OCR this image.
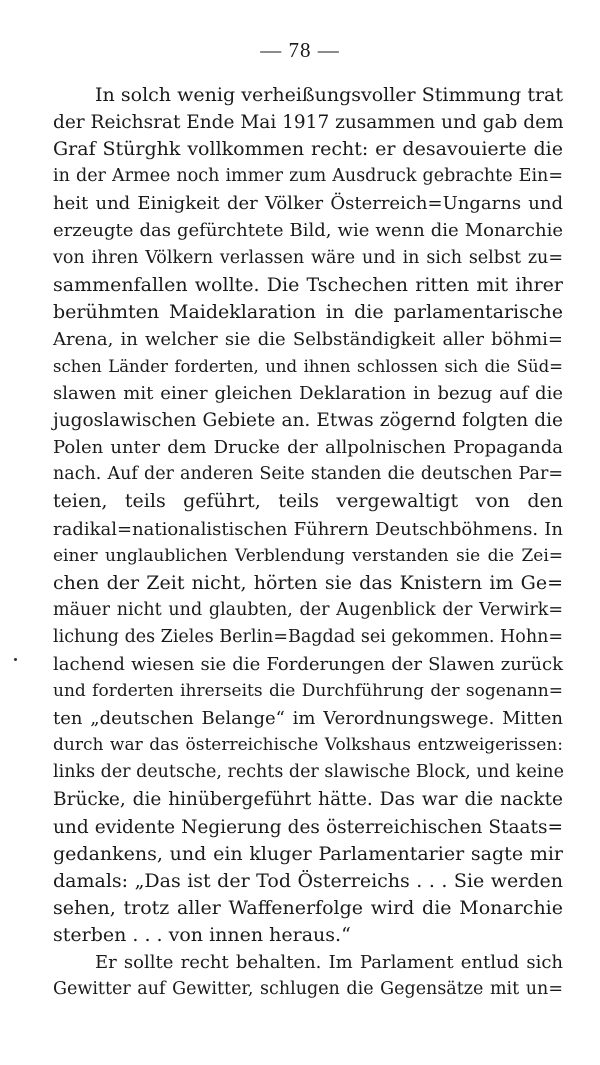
— 78 —
In solch wenig verheißungsvoller Stimmung trat
der Reichsrat Ende Mai 1917 zusammen und gab dem
Graf Stürghk vollkommen recht: er desavouierte die
in der Armee noch immer zum Ausdruck gebrachte Ein=
heit und Einigkeit der Völker Österreich=Ungarns und
erzeugte das gefürchtete Bild, wie wenn die Monarchie
von ihren Völkern verlassen wäre und in sich selbst zu=
sammenfallen wollte. Die Tschechen ritten mit ihrer
berühmten Maideklaration in die parlamentarische
Arena, in welcher sie die Selbständigkeit aller böhmi=
schen Länder forderten, und ihnen schlossen sich die Süd=
slawen mit einer gleichen Deklaration in bezug auf die
jugoslawischen Gebiete an. Etwas zögernd folgten die
Polen unter dem Drucke der allpolnischen Propaganda
nach. Auf der anderen Seite standen die deutschen Par=
teien, teils geführt, teils vergewaltigt von den
radikal=nationalistischen Führern Deutschböhmens. In
einer unglaublichen Verblendung verstanden sie die Zei=
chen der Zeit nicht, hörten sie das Knistern im Ge=
mäuer nicht und glaubten, der Augenblick der Verwirk=
lichung des Zieles Berlin=Bagdad sei gekommen. Hohn=
lachend wiesen sie die Forderungen der Slawen zurück
und forderten ihrerseits die Durchführung der sogenann=
ten „deutschen Belange“ im Verordnungswege. Mitten
durch war das österreichische Volkshaus entzweigerissen:
links der deutsche, rechts der slawische Block, und keine
Brücke, die hinübergeführt hätte. Das war die nackte
und evidente Negierung des österreichischen Staats=
gedankens, und ein kluger Parlamentarier sagte mir
damals: „Das ist der Tod Österreichs . . . Sie werden
sehen, trotz aller Waffenerfolge wird die Monarchie
sterben . . . von innen heraus.“
Er sollte recht behalten. Im Parlament entlud sich
Gewitter auf Gewitter, schlugen die Gegensätze mit un=
